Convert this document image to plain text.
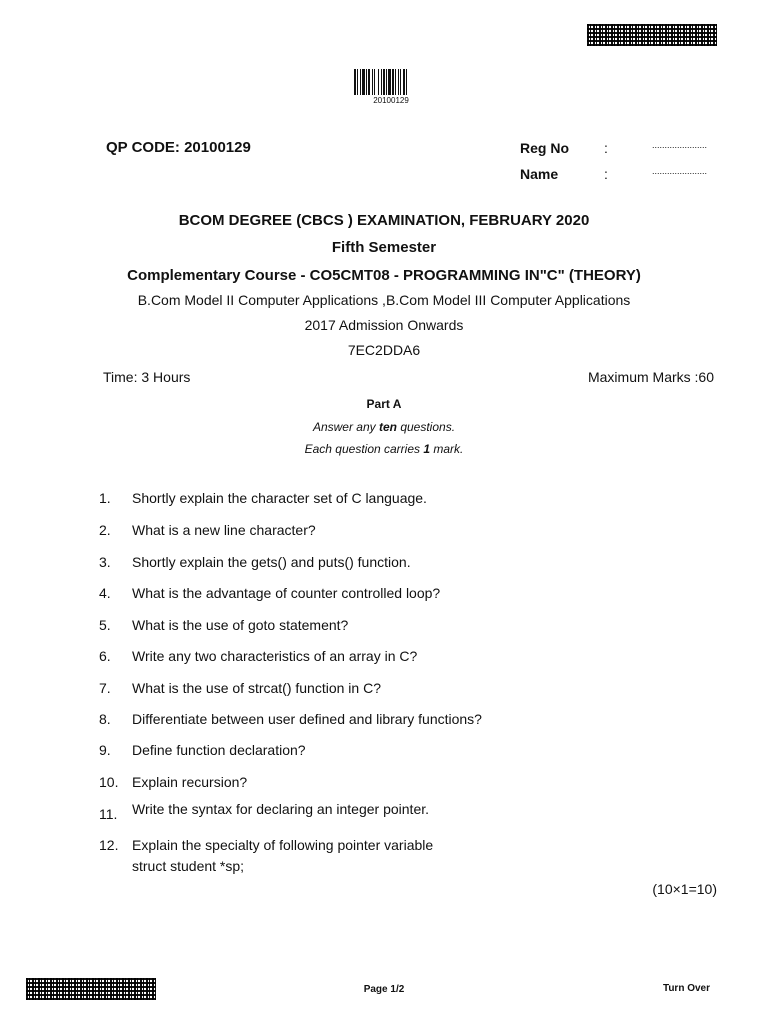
20100129
QP CODE: 20100129	Reg No	:	......................
Name	:	......................
BCOM DEGREE (CBCS ) EXAMINATION, FEBRUARY 2020
Fifth Semester
Complementary Course - CO5CMT08 - PROGRAMMING IN"C" (THEORY)
B.Com Model II Computer Applications ,B.Com Model III Computer Applications
2017 Admission Onwards
7EC2DDA6
Time: 3 Hours	Maximum Marks :60
Part A
Answer any ten questions.
Each question carries 1 mark.
1. Shortly explain the character set of C language.
2. What is a new line character?
3. Shortly explain the gets() and puts() function.
4. What is the advantage of counter controlled loop?
5. What is the use of goto statement?
6. Write any two characteristics of an array in C?
7. What is the use of strcat() function in C?
8. Differentiate between user defined and library functions?
9. Define function declaration?
10. Explain recursion?
11. Write the syntax for declaring an integer pointer.
12. Explain the specialty of following pointer variable
struct student *sp;
(10×1=10)
Page 1/2	Turn Over
